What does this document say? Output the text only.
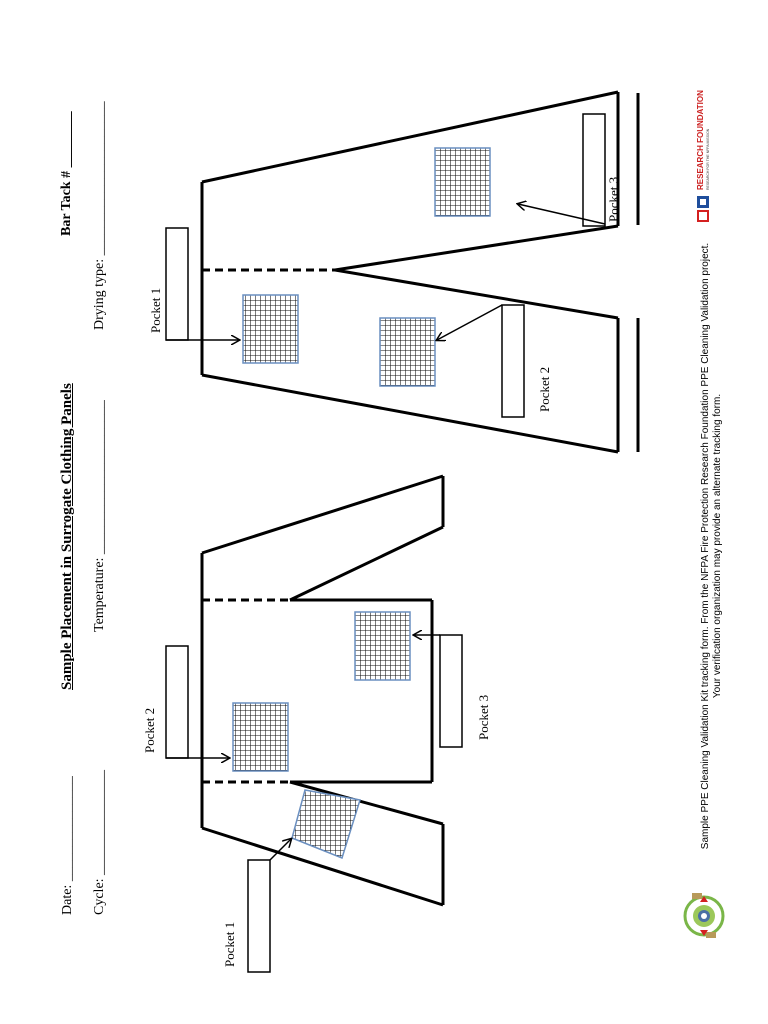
Sample Placement in Surrogate Clothing Panels
Date: _______________ Cycle: _______________
Temperature: ______________________
Drying type: ______________________
Bar Tack # ________
Pocket 2	Pocket 3
Pocket 1
Pocket 1
Pocket 2
Pocket 3
Sample PPE Cleaning Validation Kit tracking form. From the NFPA Fire Protection Research Foundation PPE Cleaning Validation project. Your verification organization may provide an alternate tracking form.
RESEARCH FOUNDATION RESEARCH FOR THE NFPA MISSION
